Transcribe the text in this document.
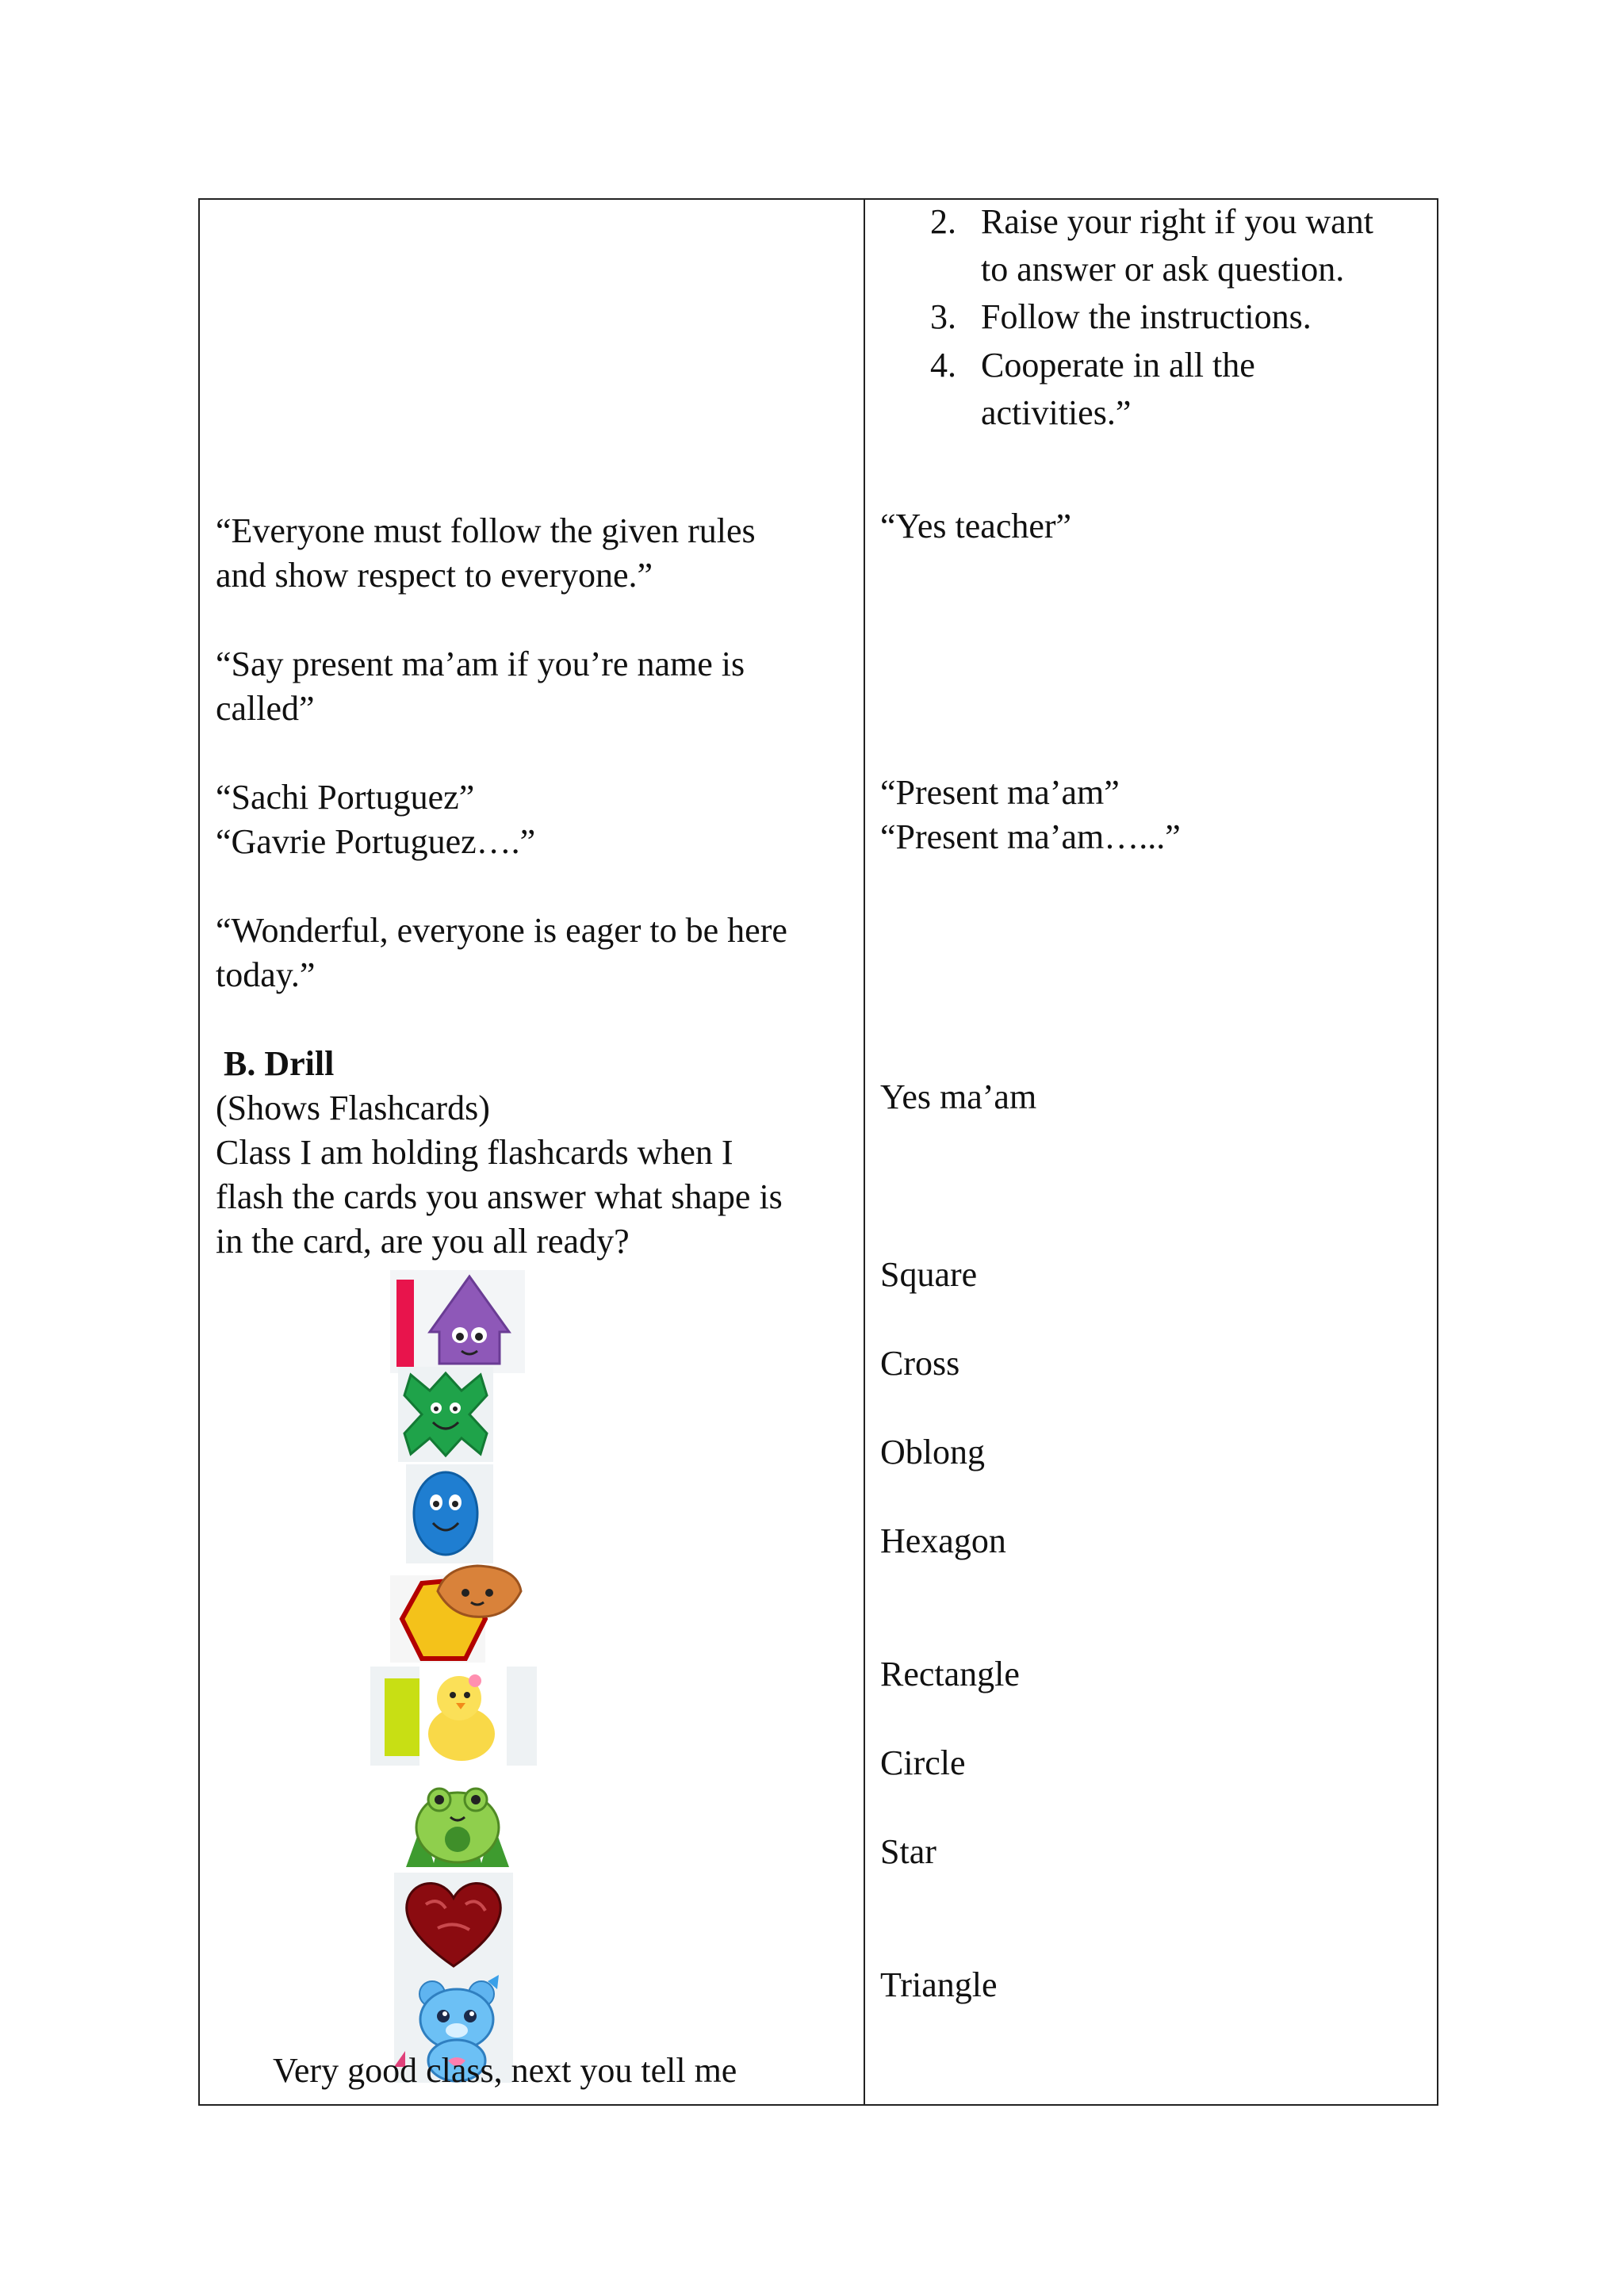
2. Raise your right if you want
to answer or ask question.
3. Follow the instructions.
4. Cooperate in all the
activities.”
“Yes teacher”
“Present ma’am”
“Present ma’am…...”
Yes ma’am
Square
Cross
Oblong
Hexagon
Rectangle
Circle
Star
Triangle
“Everyone must follow the given rules
and show respect to everyone.”
“Say present ma’am if you’re name is
called”
“Sachi Portuguez”
“Gavrie Portuguez….”
“Wonderful, everyone is eager to be here
today.”
B. Drill
(Shows Flashcards)
Class I am holding flashcards when I
flash the cards you answer what shape is
in the card, are you all ready?
Very good class, next you tell me
